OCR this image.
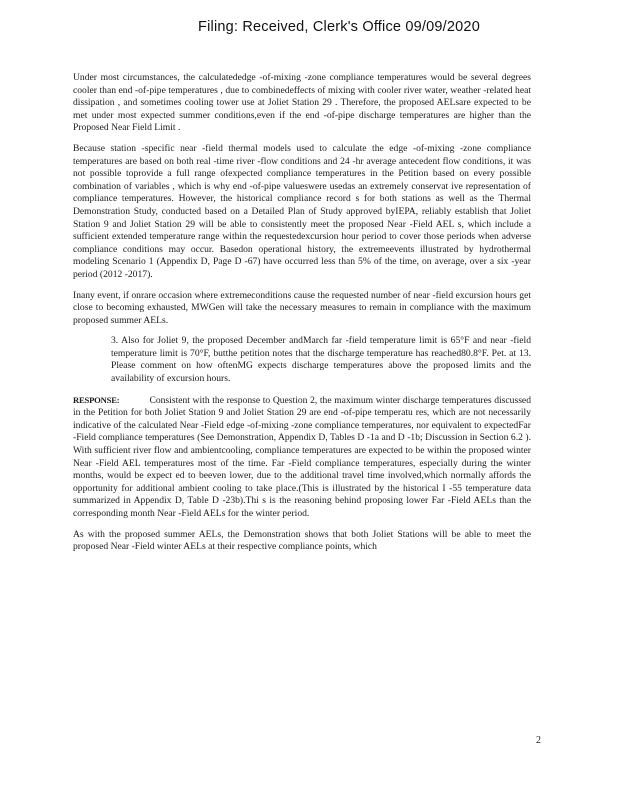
Filing: Received, Clerk's Office 09/09/2020

Under most circumstances, the calculatededge -of-mixing -zone compliance temperatures would be several degrees cooler than end -of-pipe temperatures , due to combinedeffects of mixing with cooler river water, weather -related heat dissipation , and sometimes cooling tower use at Joliet Station 29 . Therefore, the proposed AELsare expected to be met under most expected summer conditions,even if the end -of-pipe discharge temperatures are higher than the Proposed Near Field Limit .

Because station -specific near -field thermal models used to calculate the edge -of-mixing -zone compliance temperatures are based on both real -time river -flow conditions and 24 -hr average antecedent flow conditions, it was not possible toprovide a full range ofexpected compliance temperatures in the Petition based on every possible combination of variables , which is why end -of-pipe valueswere usedas an extremely conservat ive representation of compliance temperatures. However, the historical compliance record s for both stations as well as the Thermal Demonstration Study, conducted based on a Detailed Plan of Study approved byIEPA, reliably establish that Joliet Station 9 and Joliet Station 29 will be able to consistently meet the proposed Near -Field AEL s, which include a sufficient extended temperature range within the requestedexcursion hour period to cover those periods when adverse compliance conditions may occur. Basedon operational history, the extremeevents illustrated by hydrothermal modeling Scenario 1 (Appendix D, Page D -67) have occurred less than 5% of the time, on average, over a six -year period (2012 -2017).

Inany event, if onrare occasion where extremeconditions cause the requested number of near -field excursion hours get close to becoming exhausted, MWGen will take the necessary measures to remain in compliance with the maximum proposed summer AELs.

3. Also for Joliet 9, the proposed December andMarch far -field temperature limit is 65°F and near -field temperature limit is 70°F, butthe petition notes that the discharge temperature has reached80.8°F. Pet. at 13. Please comment on how oftenMG expects discharge temperatures above the proposed limits and the availability of excursion hours.

RESPONSE:	Consistent with the response to Question 2, the maximum winter discharge temperatures discussed in the Petition for both Joliet Station 9 and Joliet Station 29 are end -of-pipe temperatu res, which are not necessarily indicative of the calculated Near -Field edge -of-mixing -zone compliance temperatures, nor equivalent to expectedFar -Field compliance temperatures (See Demonstration, Appendix D, Tables D -1a and D -1b; Discussion in Section 6.2 ). With sufficient river flow and ambientcooling, compliance temperatures are expected to be within the proposed winter Near -Field AEL temperatures most of the time. Far -Field compliance temperatures, especially during the winter months, would be expect ed to beeven lower, due to the additional travel time involved,which normally affords the opportunity for additional ambient cooling to take place.(This is illustrated by the historical I -55 temperature data summarized in Appendix D, Table D -23b).Thi s is the reasoning behind proposing lower Far -Field AELs than the corresponding month Near -Field AELs for the winter period.

As with the proposed summer AELs, the Demonstration shows that both Joliet Stations will be able to meet the proposed Near -Field winter AELs at their respective compliance points, which

2
